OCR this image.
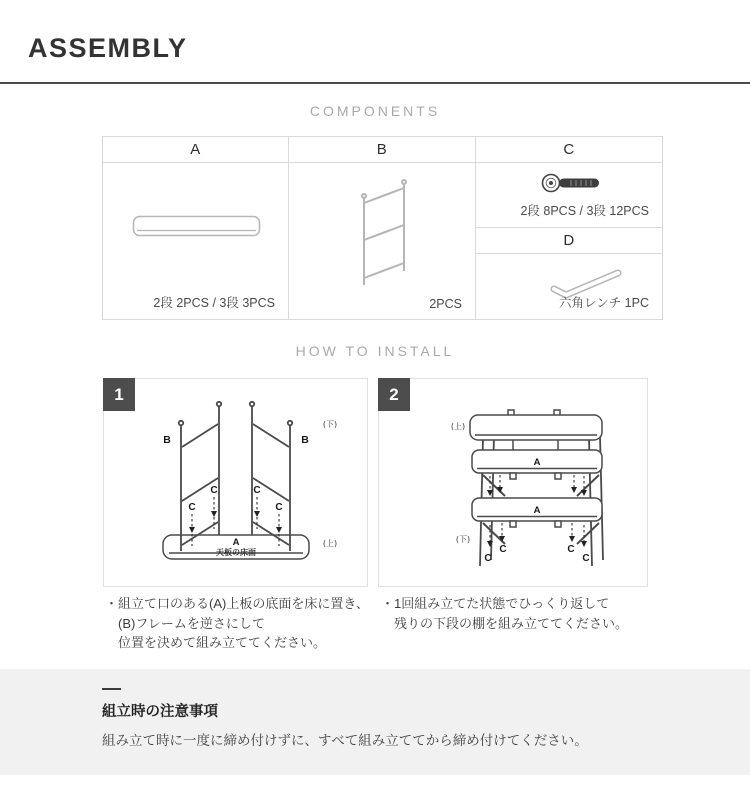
ASSEMBLY
COMPONENTS
A
2段 2PCS / 3段 3PCS
B
2PCS
C
2段 8PCS / 3段 12PCS
D
六角レンチ 1PC
HOW TO INSTALL
B	B
C
C	C
C
A
天板の床面
(下)
(上)
1
A
A
C
C	C
C
(上)
(下)
2
・ 組立て口のある(A)上板の底面を床に置き、
(B)フレームを逆さにして
位置を決めて組み立ててください。
・ 1回組み立てた状態でひっくり返して
残りの下段の棚を組み立ててください。
組立時の注意事項
組み立て時に一度に締め付けずに、すべて組み立ててから締め付けてください。
